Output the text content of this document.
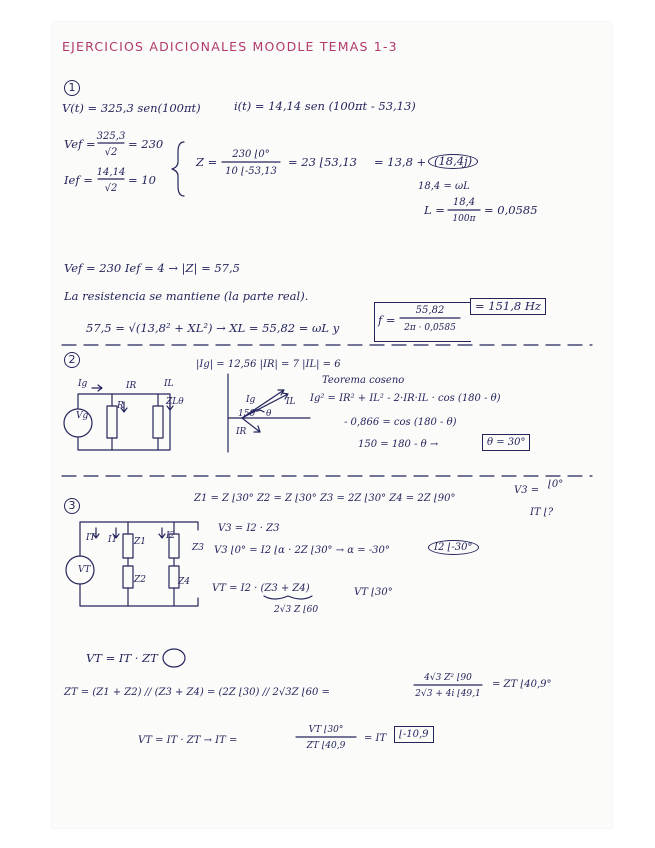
EJERCICIOS ADICIONALES MOODLE TEMAS 1-3
1
V(t) = 325,3 sen(100πt)	i(t) = 14,14 sen (100πt - 53,13)
Vef =
325,3
√2
= 230
Ief =
14,14
√2
= 10
Z =
230 ⌊0°
10 ⌊-53,13
= 23 ⌊53,13 = 13,8 + (18,4j)
18,4 = ωL
L =
18,4
100π
= 0,0585
Vef = 230 Ief = 4 → |Z| = 57,5
La resistencia se mantiene (la parte real).
57,5 = √(13,8² + XL²) → XL = 55,82 = ωL y
f =
55,82
2π · 0,0585
= 151,8 Hz
2	|Ig| = 12,56 |IR| = 7 |IL| = 6
Teorema coseno
Ig² = IR² + IL² - 2·IR·IL · cos (180 - θ)
- 0,866 = cos (180 - θ)
150 = 180 - θ →	θ = 30°
Vg
R	ZLθ
Ig	IR	IL
Ig	IL
IR
150° θ
3
Z1 = Z ⌊30° Z2 = Z ⌊30° Z3 = 2Z ⌊30° Z4 = 2Z ⌊90°
V3 =
⌊0°
IT ⌊?
V3 = I2 · Z3
V3 ⌊0° = I2 ⌊α · 2Z ⌊30° → α = -30°	I2 ⌊-30°
VT = I2 · (Z3 + Z4)
2√3 Z ⌊60
VT ⌊30°
IT I1	I2
Z1
Z2
Z3
Z4
VT
VT = IT · ZT
ZT = (Z1 + Z2) // (Z3 + Z4) = (2Z ⌊30) // 2√3Z ⌊60 =
4√3 Z² ⌊90
2√3 + 4i ⌊49,1
= ZT ⌊40,9°
VT = IT · ZT → IT =
VT ⌊30°
ZT ⌊40,9
= IT	⌊-10,9
